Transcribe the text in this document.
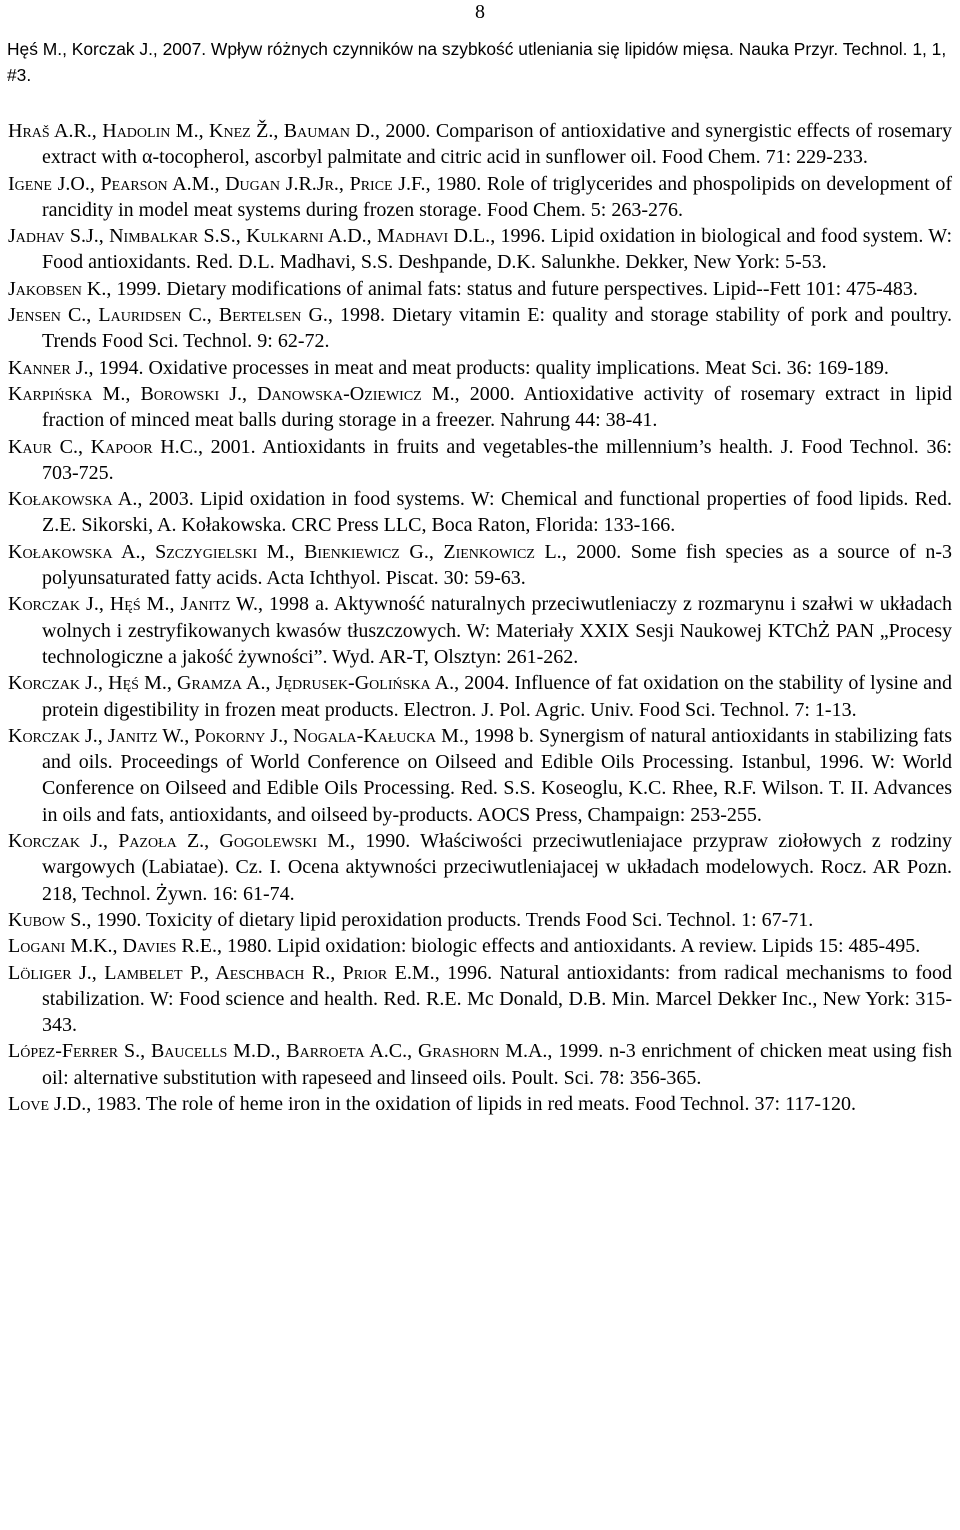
8
Hęś M., Korczak J., 2007. Wpływ różnych czynników na szybkość utleniania się lipidów mięsa. Nauka Przyr. Technol. 1, 1, #3.
Hraš A.R., Hadolin M., Knez Ž., Bauman D., 2000. Comparison of antioxidative and synergistic effects of rosemary extract with α-tocopherol, ascorbyl palmitate and citric acid in sunflower oil. Food Chem. 71: 229-233.
Igene J.O., Pearson A.M., Dugan J.R.Jr., Price J.F., 1980. Role of triglycerides and phospolipids on development of rancidity in model meat systems during frozen storage. Food Chem. 5: 263-276.
Jadhav S.J., Nimbalkar S.S., Kulkarni A.D., Madhavi D.L., 1996. Lipid oxidation in biological and food system. W: Food antioxidants. Red. D.L. Madhavi, S.S. Deshpande, D.K. Salunkhe. Dekker, New York: 5-53.
Jakobsen K., 1999. Dietary modifications of animal fats: status and future perspectives. Lipid--Fett 101: 475-483.
Jensen C., Lauridsen C., Bertelsen G., 1998. Dietary vitamin E: quality and storage stability of pork and poultry. Trends Food Sci. Technol. 9: 62-72.
Kanner J., 1994. Oxidative processes in meat and meat products: quality implications. Meat Sci. 36: 169-189.
Karpińska M., Borowski J., Danowska-Oziewicz M., 2000. Antioxidative activity of rosemary extract in lipid fraction of minced meat balls during storage in a freezer. Nahrung 44: 38-41.
Kaur C., Kapoor H.C., 2001. Antioxidants in fruits and vegetables-the millennium’s health. J. Food Technol. 36: 703-725.
Kołakowska A., 2003. Lipid oxidation in food systems. W: Chemical and functional properties of food lipids. Red. Z.E. Sikorski, A. Kołakowska. CRC Press LLC, Boca Raton, Florida: 133-166.
Kołakowska A., Szczygielski M., Bienkiewicz G., Zienkowicz L., 2000. Some fish species as a source of n-3 polyunsaturated fatty acids. Acta Ichthyol. Piscat. 30: 59-63.
Korczak J., Hęś M., Janitz W., 1998 a. Aktywność naturalnych przeciwutleniaczy z rozmarynu i szałwi w układach wolnych i zestryfikowanych kwasów tłuszczowych. W: Materiały XXIX Sesji Naukowej KTChŻ PAN „Procesy technologiczne a jakość żywności”. Wyd. AR-T, Olsztyn: 261-262.
Korczak J., Hęś M., Gramza A., Jędrusek-Golińska A., 2004. Influence of fat oxidation on the stability of lysine and protein digestibility in frozen meat products. Electron. J. Pol. Agric. Univ. Food Sci. Technol. 7: 1-13.
Korczak J., Janitz W., Pokorny J., Nogala-Kałucka M., 1998 b. Synergism of natural antioxidants in stabilizing fats and oils. Proceedings of World Conference on Oilseed and Edible Oils Processing. Istanbul, 1996. W: World Conference on Oilseed and Edible Oils Processing. Red. S.S. Koseoglu, K.C. Rhee, R.F. Wilson. T. II. Advances in oils and fats, antioxidants, and oilseed by-products. AOCS Press, Champaign: 253-255.
Korczak J., Pazoła Z., Gogolewski M., 1990. Właściwości przeciwutleniajace przypraw ziołowych z rodziny wargowych (Labiatae). Cz. I. Ocena aktywności przeciwutleniajacej w układach modelowych. Rocz. AR Pozn. 218, Technol. Żywn. 16: 61-74.
Kubow S., 1990. Toxicity of dietary lipid peroxidation products. Trends Food Sci. Technol. 1: 67-71.
Logani M.K., Davies R.E., 1980. Lipid oxidation: biologic effects and antioxidants. A review. Lipids 15: 485-495.
Löliger J., Lambelet P., Aeschbach R., Prior E.M., 1996. Natural antioxidants: from radical mechanisms to food stabilization. W: Food science and health. Red. R.E. Mc Donald, D.B. Min. Marcel Dekker Inc., New York: 315-343.
López-Ferrer S., Baucells M.D., Barroeta A.C., Grashorn M.A., 1999. n-3 enrichment of chicken meat using fish oil: alternative substitution with rapeseed and linseed oils. Poult. Sci. 78: 356-365.
Love J.D., 1983. The role of heme iron in the oxidation of lipids in red meats. Food Technol. 37: 117-120.
